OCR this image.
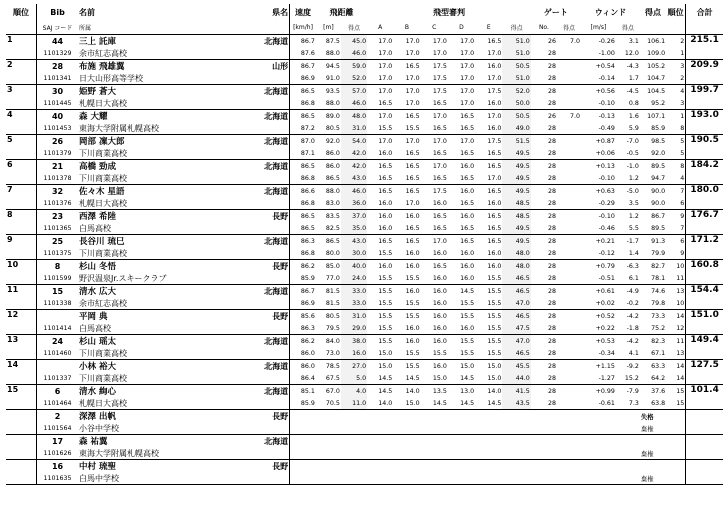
順位	Bib	名前	県名	速度	飛距離		飛型審判						ゲート		ウィンド		得点	順位	合計
	SAJ コード	所属		[km/h]	[m]	得点	A	B	C	D	E	得点	No.	得点	[m/s]	得点			
1	44	三上 託庫	北海道	86.7	87.5	45.0	17.0	17.0	17.0	17.0	16.5	51.0	26	7.0	-0.26	3.1	106.1	2	215.1
	1101329	余市紅志高校		87.6	88.0	46.0	17.0	17.0	17.0	17.0	17.0	51.0	28		-1.00	12.0	109.0	1	
2	28	布施 飛雄翼	山形	86.7	94.5	59.0	17.0	16.5	17.5	17.0	16.0	50.5	28		+0.54	-4.3	105.2	3	209.9
	1101341	日大山形高等学校		86.9	91.0	52.0	17.0	17.0	17.5	17.0	17.0	51.0	28		-0.14	1.7	104.7	2	
3	30	姫野 蒼大	北海道	86.5	93.5	57.0	17.0	17.0	17.5	17.0	17.5	52.0	28		+0.56	-4.5	104.5	4	199.7
	1101445	札幌日大高校		86.8	88.0	46.0	16.5	17.0	16.5	17.0	16.0	50.0	28		-0.10	0.8	95.2	3	
4	40	森 大耀	北海道	86.5	89.0	48.0	17.0	16.5	17.0	16.5	17.0	50.5	26	7.0	-0.13	1.6	107.1	1	193.0
	1101453	東海大学附属札幌高校		87.2	80.5	31.0	15.5	15.5	16.5	16.5	16.0	49.0	28		-0.49	5.9	85.9	8	
5	26	岡部 凜大郎	北海道	87.0	92.0	54.0	17.0	17.0	17.0	17.0	17.5	51.5	28		+0.87	-7.0	98.5	5	190.5
	1101379	下川商業高校		87.1	86.0	42.0	16.0	16.5	16.5	16.5	16.5	49.5	28		+0.06	-0.5	92.0	5	
6	21	高橋 勁成	北海道	86.5	86.0	42.0	16.5	16.5	17.0	16.0	16.5	49.5	28		+0.13	-1.0	89.5	8	184.2
	1101378	下川商業高校		86.8	86.5	43.0	16.5	16.5	16.5	16.5	17.0	49.5	28		-0.10	1.2	94.7	4	
7	32	佐々木 星語	北海道	86.6	88.0	46.0	16.5	16.5	17.5	16.0	16.5	49.5	28		+0.63	-5.0	90.0	7	180.0
	1101376	札幌日大高校		86.8	83.0	36.0	16.0	17.0	16.0	16.5	16.0	48.5	28		-0.29	3.5	90.0	6	
8	23	西澤 希陸	長野	86.5	83.5	37.0	16.0	16.0	16.5	16.0	16.5	48.5	28		-0.10	1.2	86.7	9	176.7
	1101365	白馬高校		86.5	82.5	35.0	16.0	16.5	16.5	16.5	16.5	49.5	28		-0.46	5.5	89.5	7	
9	25	長谷川 琉巳	北海道	86.3	86.5	43.0	16.5	16.5	17.0	16.5	16.5	49.5	28		+0.21	-1.7	91.3	6	171.2
	1101375	下川商業高校		86.8	80.0	30.0	15.5	16.0	16.0	16.0	16.0	48.0	28		-0.12	1.4	79.9	9	
10	8	杉山 冬悟	長野	86.2	85.0	40.0	16.0	16.0	16.5	16.0	16.0	48.0	28		+0.79	-6.3	82.7	10	160.8
	1101599	野沢温泉Jr.スキークラブ		85.9	77.0	24.0	15.5	15.5	16.0	16.0	15.5	46.5	28		-0.51	6.1	78.1	11	
11	15	清水 広大	北海道	86.7	81.5	33.0	15.5	16.0	16.0	14.5	15.5	46.5	28		+0.61	-4.9	74.6	13	154.4
	1101338	余市紅志高校		86.9	81.5	33.0	15.5	15.5	16.0	15.5	15.5	47.0	28		+0.02	-0.2	79.8	10	
12		平岡 典	長野	85.6	80.5	31.0	15.5	15.5	16.0	15.5	15.5	46.5	28		+0.52	-4.2	73.3	14	151.0
	1101414	白馬高校		86.3	79.5	29.0	15.5	16.0	16.0	16.0	15.5	47.5	28		+0.22	-1.8	75.2	12	
13	24	杉山 瑶太	北海道	86.2	84.0	38.0	15.5	16.0	16.0	15.5	15.5	47.0	28		+0.53	-4.2	82.3	11	149.4
	1101460	下川商業高校		86.0	73.0	16.0	15.0	15.5	15.5	15.5	15.5	46.5	28		-0.34	4.1	67.1	13	
14		小林 裕大	北海道	86.0	78.5	27.0	15.0	15.5	16.0	15.0	15.0	45.5	28		+1.15	-9.2	63.3	14	127.5
	1101337	下川商業高校		86.4	67.5	5.0	14.5	14.5	15.0	14.5	15.0	44.0	28		-1.27	15.2	64.2	14	
15	6	清水 絢心	北海道	85.1	67.0	4.0	14.5	14.0	13.5	13.0	14.0	41.5	28		+0.99	-7.9	37.6	15	101.4
	1101464	札幌日大高校		85.9	70.5	11.0	14.0	15.0	14.5	14.5	14.5	43.5	28		-0.61	7.3	63.8	15	
	2	深澤 出帆	長野														失格		
	1101564	小谷中学校															棄権		
	17	森 祐翼	北海道																
	1101626	東海大学附属札幌高校															棄権		
	16	中村 琉聖	長野																
	1101635	白馬中学校															棄権		
